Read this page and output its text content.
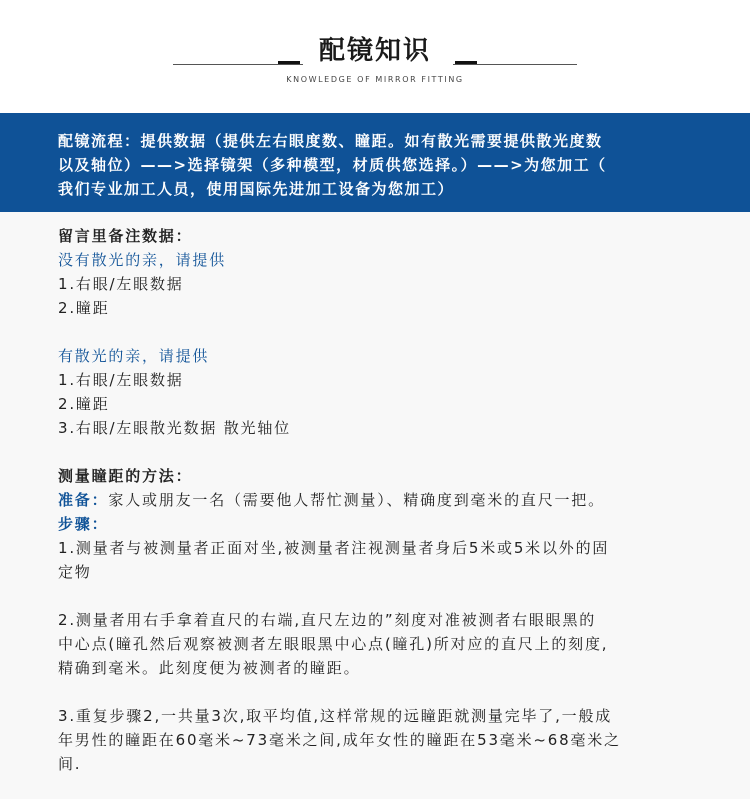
配镜知识
KNOWLEDGE OF MIRROR FITTING

配镜流程：提供数据（提供左右眼度数、瞳距。如有散光需要提供散光度数

以及轴位）——>选择镜架（多种模型，材质供您选择。）——>为您加工（

我们专业加工人员，使用国际先进加工设备为您加工）

留言里备注数据：
没有散光的亲，请提供
1.右眼/左眼数据
2.瞳距
有散光的亲，请提供
1.右眼/左眼数据
2.瞳距
3.右眼/左眼散光数据 散光轴位
测量瞳距的方法：
准备：家人或朋友一名（需要他人帮忙测量）、精确度到毫米的直尺一把。
步骤：
1.测量者与被测量者正面对坐,被测量者注视测量者身后5米或5米以外的固
定物
2.测量者用右手拿着直尺的右端,直尺左边的”刻度对准被测者右眼眼黑的
中心点(瞳孔然后观察被测者左眼眼黑中心点(瞳孔)所对应的直尺上的刻度,
精确到毫米。此刻度便为被测者的瞳距。
3.重复步骤2,一共量3次,取平均值,这样常规的远瞳距就测量完毕了,一般成
年男性的瞳距在60毫米~73毫米之间,成年女性的瞳距在53毫米~68毫米之
间.
